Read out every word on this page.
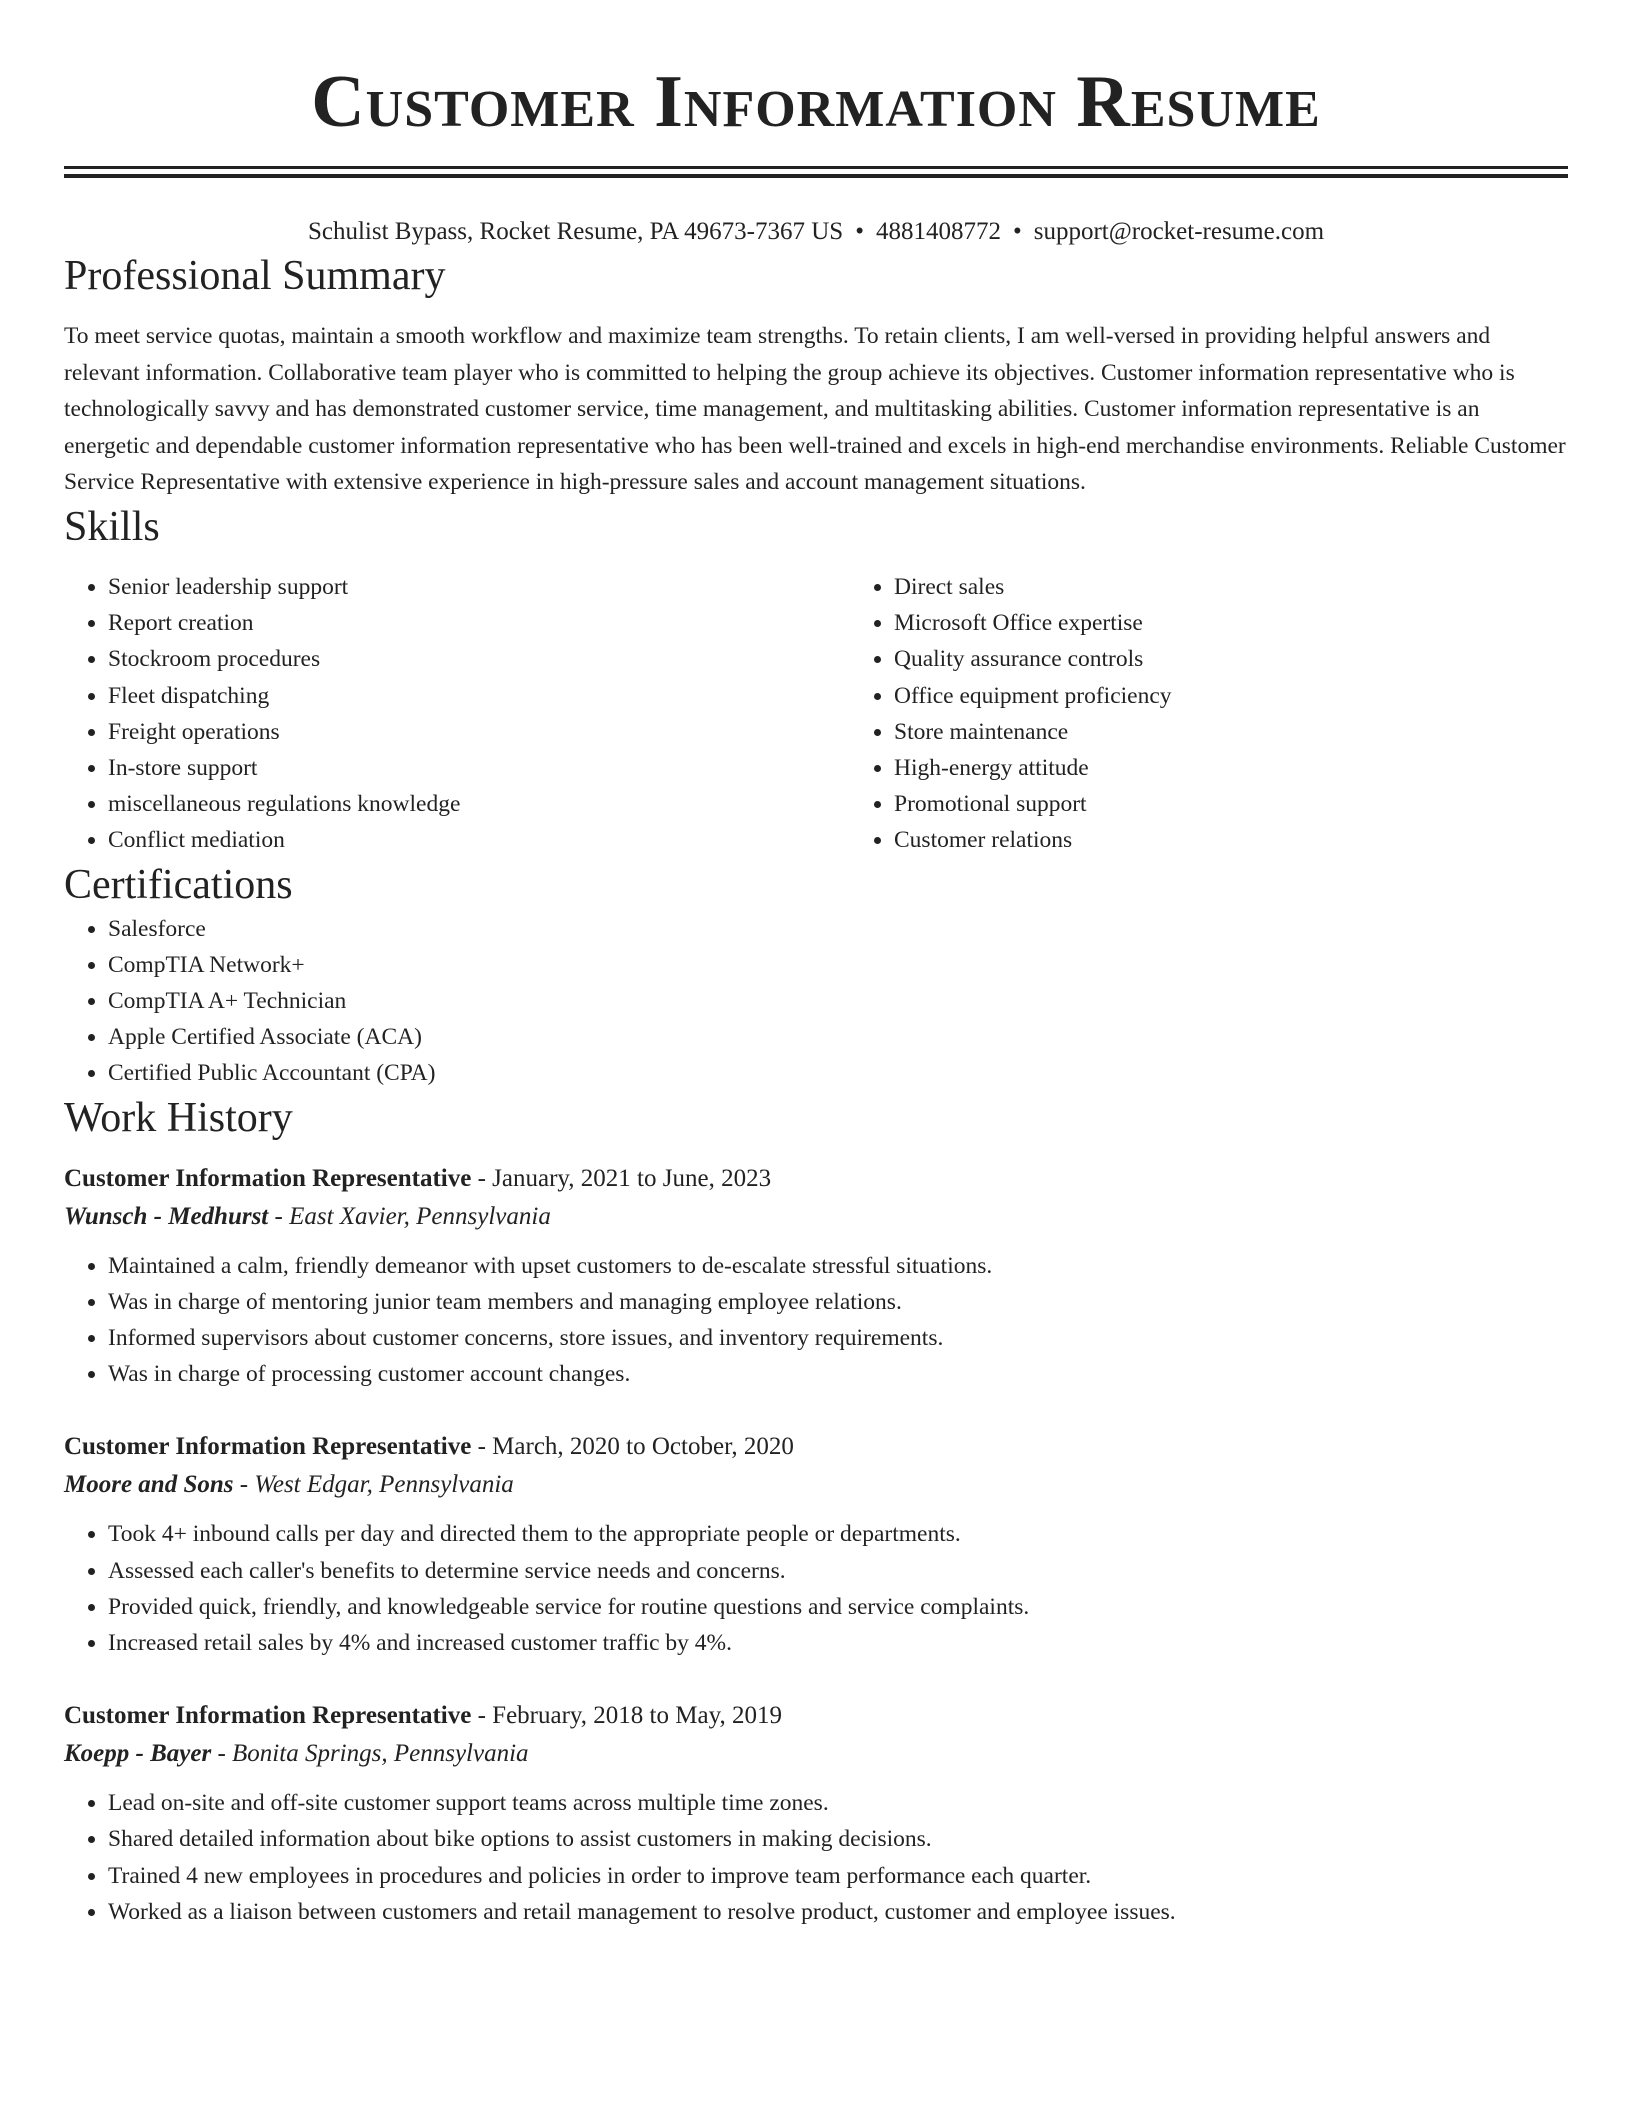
Customer Information Resume
Schulist Bypass, Rocket Resume, PA 49673-7367 US • 4881408772 • support@rocket-resume.com
Professional Summary

To meet service quotas, maintain a smooth workflow and maximize team strengths. To retain clients, I am well-versed in providing helpful answers and relevant information. Collaborative team player who is committed to helping the group achieve its objectives. Customer information representative who is technologically savvy and has demonstrated customer service, time management, and multitasking abilities. Customer information representative is an energetic and dependable customer information representative who has been well-trained and excels in high-end merchandise environments. Reliable Customer Service Representative with extensive experience in high-pressure sales and account management situations.

Skills
• Senior leadership support
• Report creation
• Stockroom procedures
• Fleet dispatching
• Freight operations
• In-store support
• miscellaneous regulations knowledge
• Conflict mediation
• Direct sales
• Microsoft Office expertise
• Quality assurance controls
• Office equipment proficiency
• Store maintenance
• High-energy attitude
• Promotional support
• Customer relations
Certifications
• Salesforce
• CompTIA Network+
• CompTIA A+ Technician
• Apple Certified Associate (ACA)
• Certified Public Accountant (CPA)
Work History
Customer Information Representative - January, 2021 to June, 2023
Wunsch - Medhurst - East Xavier, Pennsylvania
• Maintained a calm, friendly demeanor with upset customers to de-escalate stressful situations.
• Was in charge of mentoring junior team members and managing employee relations.
• Informed supervisors about customer concerns, store issues, and inventory requirements.
• Was in charge of processing customer account changes.
Customer Information Representative - March, 2020 to October, 2020
Moore and Sons - West Edgar, Pennsylvania
• Took 4+ inbound calls per day and directed them to the appropriate people or departments.
• Assessed each caller's benefits to determine service needs and concerns.
• Provided quick, friendly, and knowledgeable service for routine questions and service complaints.
• Increased retail sales by 4% and increased customer traffic by 4%.
Customer Information Representative - February, 2018 to May, 2019
Koepp - Bayer - Bonita Springs, Pennsylvania
• Lead on-site and off-site customer support teams across multiple time zones.
• Shared detailed information about bike options to assist customers in making decisions.
• Trained 4 new employees in procedures and policies in order to improve team performance each quarter.
• Worked as a liaison between customers and retail management to resolve product, customer and employee issues.
